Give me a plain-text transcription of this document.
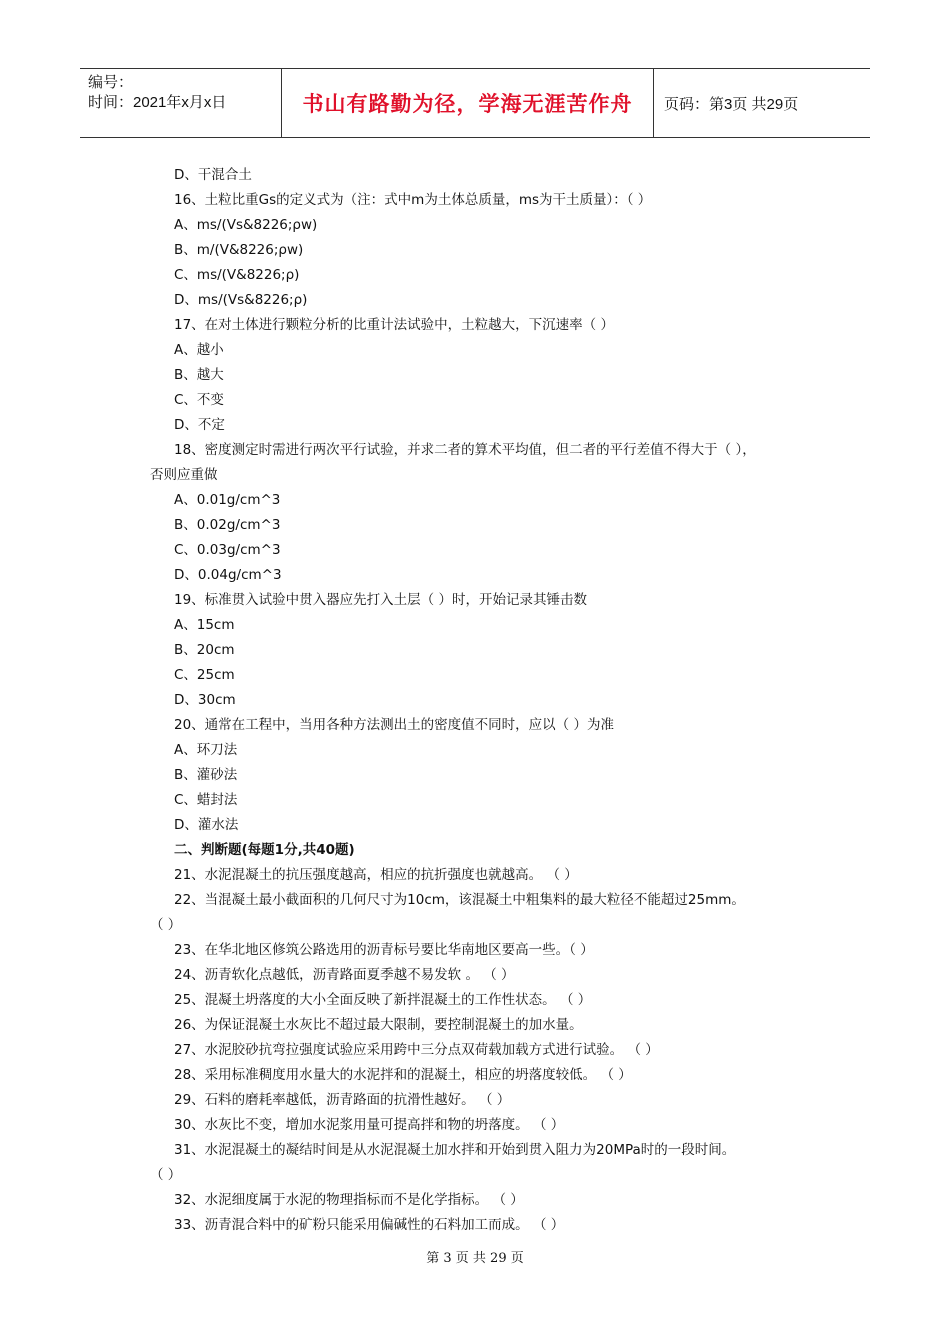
编号：
时间：2021年x月x日	书山有路勤为径，学海无涯苦作舟	页码：第3页 共29页
D、干混合土
16、土粒比重Gs的定义式为（注：式中m为土体总质量，ms为干土质量）：（ ）
A、ms/(Vs&8226;ρw)
B、m/(V&8226;ρw)
C、ms/(V&8226;ρ)
D、ms/(Vs&8226;ρ)
17、在对土体进行颗粒分析的比重计法试验中，土粒越大，下沉速率（ ）
A、越小
B、越大
C、不变
D、不定
18、密度测定时需进行两次平行试验，并求二者的算术平均值，但二者的平行差值不得大于（ ），
否则应重做
A、0.01g/cm^3
B、0.02g/cm^3
C、0.03g/cm^3
D、0.04g/cm^3
19、标准贯入试验中贯入器应先打入土层（ ）时，开始记录其锤击数
A、15cm
B、20cm
C、25cm
D、30cm
20、通常在工程中，当用各种方法测出土的密度值不同时，应以（ ）为准
A、环刀法
B、灌砂法
C、蜡封法
D、灌水法
二、判断题(每题1分,共40题)
21、水泥混凝土的抗压强度越高，相应的抗折强度也就越高。 （ ）
22、当混凝土最小截面积的几何尺寸为10cm，该混凝土中粗集料的最大粒径不能超过25mm。
（ ）
23、在华北地区修筑公路选用的沥青标号要比华南地区要高一些。（ ）
24、沥青软化点越低，沥青路面夏季越不易发软 。 （ ）
25、混凝土坍落度的大小全面反映了新拌混凝土的工作性状态。 （ ）
26、为保证混凝土水灰比不超过最大限制，要控制混凝土的加水量。
27、水泥胶砂抗弯拉强度试验应采用跨中三分点双荷载加载方式进行试验。 （ ）
28、采用标准稠度用水量大的水泥拌和的混凝土，相应的坍落度较低。 （ ）
29、石料的磨耗率越低，沥青路面的抗滑性越好。 （ ）
30、水灰比不变，增加水泥浆用量可提高拌和物的坍落度。 （ ）
31、水泥混凝土的凝结时间是从水泥混凝土加水拌和开始到贯入阻力为20MPa时的一段时间。
（ ）
32、水泥细度属于水泥的物理指标而不是化学指标。 （ ）
33、沥青混合料中的矿粉只能采用偏碱性的石料加工而成。 （ ）
第 3 页 共 29 页
